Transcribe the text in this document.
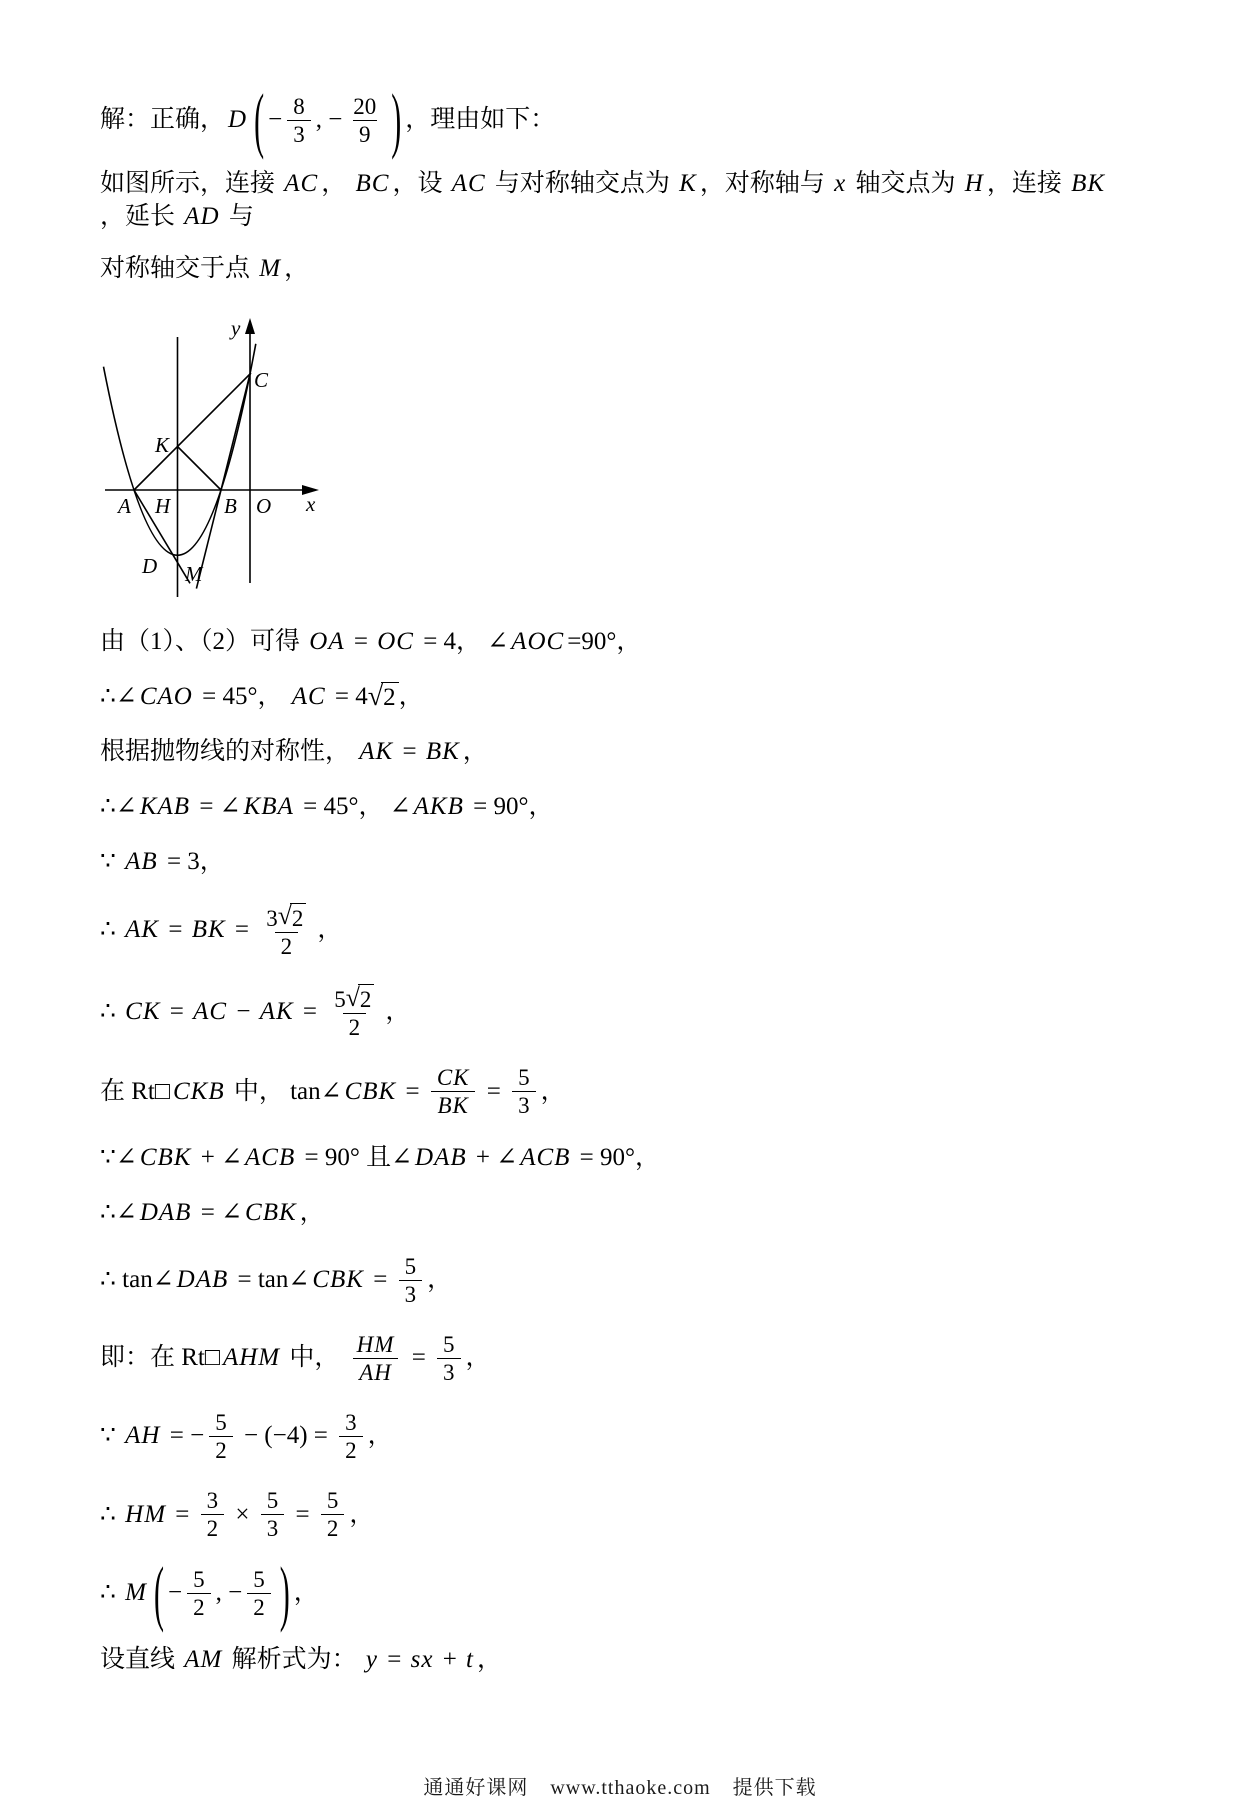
解：正确， D ( − $\frac{8}{3}$ , − $\frac{20}{9}$ ) ，理由如下：
如图所示，连接 AC ， BC ，设 AC 与对称轴交点为 K ，对称轴与 x 轴交点为 H ，连接 BK
，延长 AD 与
对称轴交于点 M ，
y
x
C
K
A H	B O
D M
由（1）、（2）可得 OA = OC = 4， ∠ AOC =90°，
∴∠ CAO = 45°， AC = 4 √2 ，
根据抛物线的对称性， AK = BK ，
∴∠ KAB = ∠ KBA = 45°， ∠ AKB = 90°，
∵ AB = 3，
∴ AK = BK = $\frac{3 √ 2}{2}$ ，
∴ CK = AC − AK = $\frac{5 √ 2}{2}$ ，
在 Rt□ CKB 中， tan∠ CBK = $\frac{CK}{BK} = \frac{5}{3}$ ，
∵∠ CBK + ∠ ACB = 90° 且∠ DAB + ∠ ACB = 90°，
∴∠ DAB = ∠ CBK ，
∴ tan∠ DAB = tan∠ CBK = $\frac{5}{3}$ ，
即：在 Rt□ AHM 中， $\frac{HM}{AH} = \frac{5}{3}$ ，
∵ AH = − $\frac{5}{2} - (-4) = \frac{3}{2}$ ，
∴ HM = $\frac{3}{2} \times \frac{5}{3} = \frac{5}{2}$ ，
∴ M ( − $\frac{5}{2}$ , − $\frac{5}{2}$ ) ，
设直线 AM 解析式为： y = sx + t ，
通通好课网 www.tthaoke.com 提供下载
